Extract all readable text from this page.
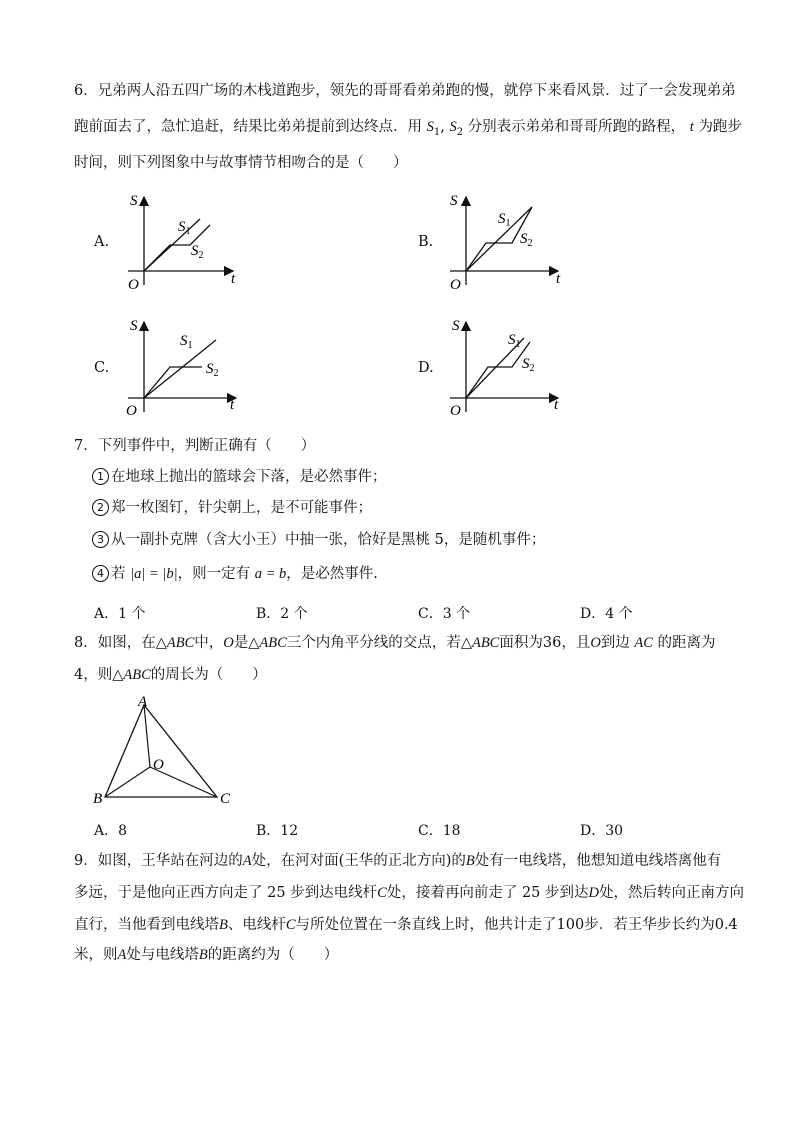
6．兄弟两人沿五四广场的木栈道跑步，领先的哥哥看弟弟跑的慢，就停下来看风景．过了一会发现弟弟
跑前面去了，急忙追赶，结果比弟弟提前到达终点．用 $S_1$, $S_2$ 分别表示弟弟和哥哥所跑的路程， t 为跑步
时间，则下列图象中与故事情节相吻合的是（　　）
A.
S
t
O
$S_1$
$S_2$
B.
S
t
O
$S_1$
$S_2$
C.
S
t
O
$S_1$
$S_2$	D.
S
t
O
$S_1$
$S_2$
7．下列事件中，判断正确有（　　）
1 在地球上抛出的篮球会下落，是必然事件；
2 郑一枚图钉，针尖朝上，是不可能事件；
3 从一副扑克牌（含大小王）中抽一张，恰好是黑桃 5，是随机事件；
4 若 |a| = |b|，则一定有 a = b，是必然事件.
A．1 个	B．2 个	C．3 个	D．4 个
8．如图，在△ABC中，O是△ABC三个内角平分线的交点，若△ABC面积为36，且O到边 AC 的距离为
4，则△ABC的周长为（　　）
A
B	C
O
A．8	B．12	C．18	D．30
9．如图，王华站在河边的A处，在河对面(王华的正北方向)的B处有一电线塔，他想知道电线塔离他有
多远，于是他向正西方向走了 25 步到达电线杆C处，接着再向前走了 25 步到达D处，然后转向正南方向
直行，当他看到电线塔B、电线杆C与所处位置在一条直线上时，他共计走了100步．若王华步长约为0.4
米，则A处与电线塔B的距离约为（　　）
